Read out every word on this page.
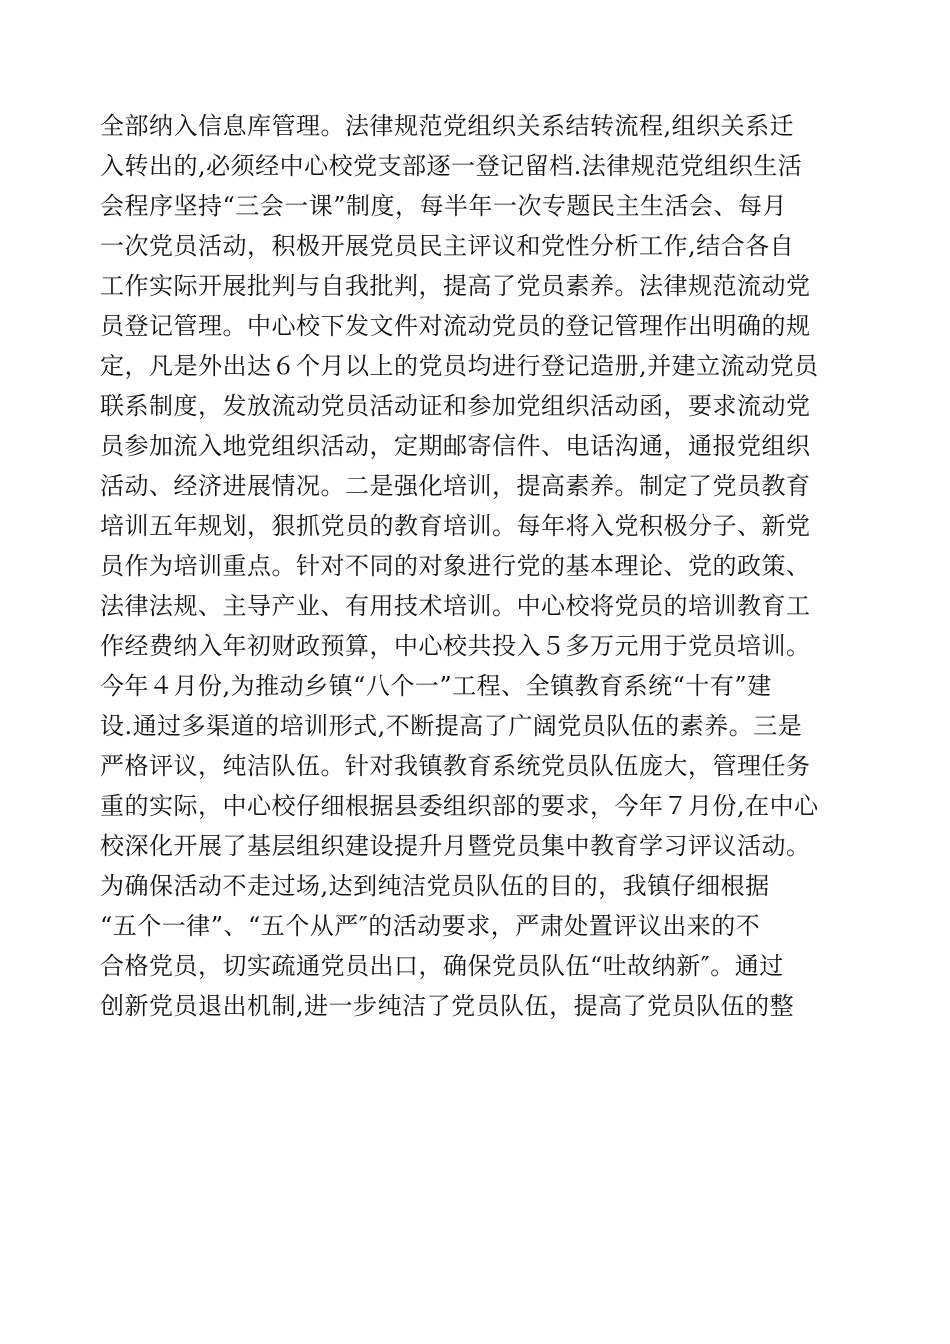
全部纳入信息库管理。法律规范党组织关系结转流程,组织关系迁
入转出的,必须经中心校党支部逐一登记留档.法律规范党组织生活
会程序坚持“三会一课”制度，每半年一次专题民主生活会、每月
一次党员活动，积极开展党员民主评议和党性分析工作,结合各自
工作实际开展批判与自我批判，提高了党员素养。法律规范流动党
员登记管理。中心校下发文件对流动党员的登记管理作出明确的规
定，凡是外出达６个月以上的党员均进行登记造册,并建立流动党员
联系制度，发放流动党员活动证和参加党组织活动函，要求流动党
员参加流入地党组织活动，定期邮寄信件、电话沟通，通报党组织
活动、经济进展情况。二是强化培训，提高素养。制定了党员教育
培训五年规划，狠抓党员的教育培训。每年将入党积极分子、新党
员作为培训重点。针对不同的对象进行党的基本理论、党的政策、
法律法规、主导产业、有用技术培训。中心校将党员的培训教育工
作经费纳入年初财政预算，中心校共投入５多万元用于党员培训。
今年４月份,为推动乡镇“八个一”工程、全镇教育系统“十有”建
设.通过多渠道的培训形式,不断提高了广阔党员队伍的素养。三是
严格评议，纯洁队伍。针对我镇教育系统党员队伍庞大，管理任务
重的实际，中心校仔细根据县委组织部的要求，今年７月份,在中心
校深化开展了基层组织建设提升月暨党员集中教育学习评议活动。
为确保活动不走过场,达到纯洁党员队伍的目的，我镇仔细根据
“五个一律”、“五个从严″的活动要求，严肃处置评议出来的不
合格党员，切实疏通党员出口，确保党员队伍“吐故纳新″。通过
创新党员退出机制,进一步纯洁了党员队伍，提高了党员队伍的整
